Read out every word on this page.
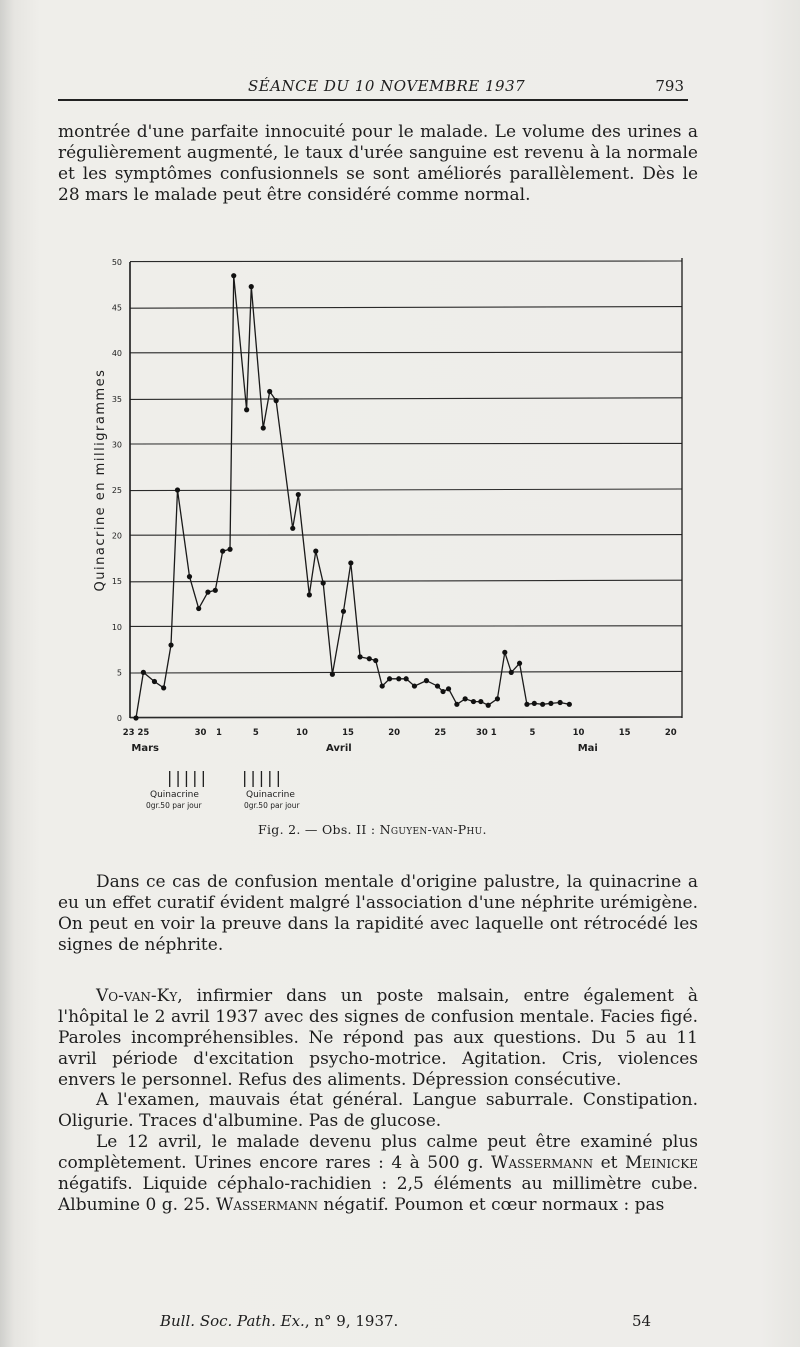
SÉANCE DU 10 NOVEMBRE 1937	793

montrée d'une parfaite innocuité pour le malade. Le volume des urines a régulièrement augmenté, le taux d'urée sanguine est revenu à la normale et les symptômes confusionnels se sont améliorés parallèlement. Dès le 28 mars le malade peut être considéré comme normal.

0
5
10
15
20
25
30
35
40
45
50
23 25	30 1	5	10	15	20	25	30 1	5	10	15	20
Mars	Avril	Mai
Quinacrine en milligrammes
|||||
Quinacrine
0gr.50 par jour
|||||
Quinacrine
0gr.50 par jour
Fig. 2. — Obs. II : Nguyen-van-Phu.

Dans ce cas de confusion mentale d'origine palustre, la quinacrine a eu un effet curatif évident malgré l'association d'une néphrite urémigène. On peut en voir la preuve dans la rapidité avec laquelle ont rétrocédé les signes de néphrite.

Vo-van-Ky, infirmier dans un poste malsain, entre également à l'hôpital le 2 avril 1937 avec des signes de confusion mentale. Facies figé. Paroles incompréhensibles. Ne répond pas aux questions. Du 5 au 11 avril période d'excitation psycho-motrice. Agitation. Cris, violences envers le personnel. Refus des aliments. Dépression consécutive.

A l'examen, mauvais état général. Langue saburrale. Constipation. Oligurie. Traces d'albumine. Pas de glucose.
Le 12 avril, le malade devenu plus calme peut être examiné plus complètement. Urines encore rares : 4 à 500 g. Wassermann et Meinicke négatifs. Liquide céphalo-rachidien : 2,5 éléments au millimètre cube. Albumine 0 g. 25. Wassermann négatif. Poumon et cœur normaux : pas

Bull. Soc. Path. Ex., n° 9, 1937.	54
